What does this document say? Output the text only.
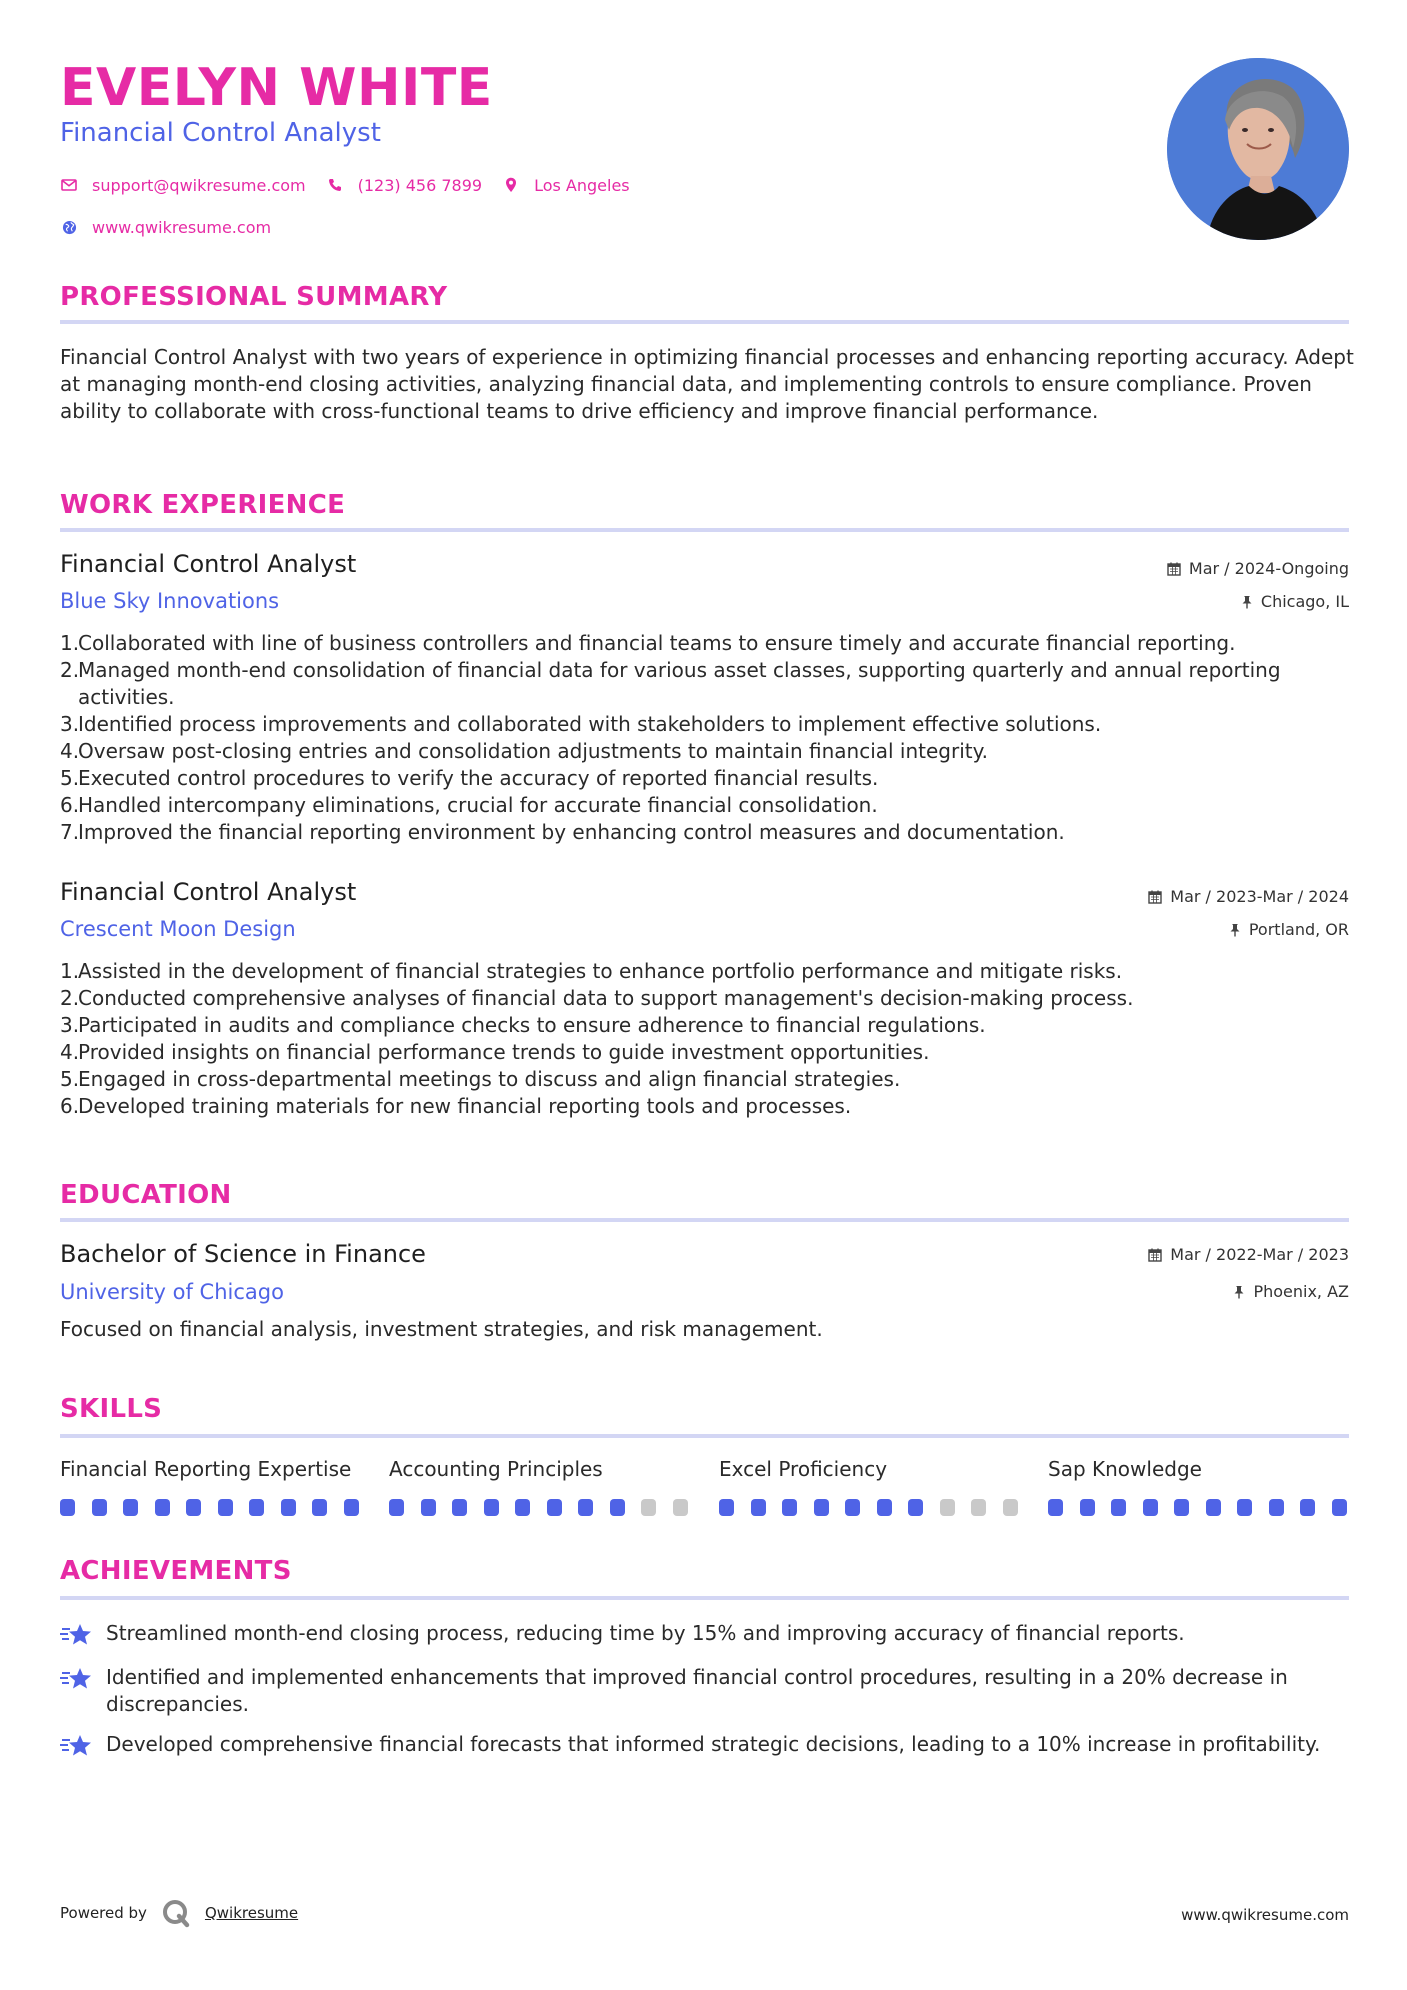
EVELYN WHITE
Financial Control Analyst
support@qwikresume.com	(123) 456 7899	Los Angeles
www.qwikresume.com
PROFESSIONAL SUMMARY
Financial Control Analyst with two years of experience in optimizing financial processes and enhancing reporting accuracy. Adept at managing month-end closing activities, analyzing financial data, and implementing controls to ensure compliance. Proven ability to collaborate with cross-functional teams to drive efficiency and improve financial performance.
WORK EXPERIENCE
Financial Control Analyst
Blue Sky Innovations
Mar / 2024-Ongoing
Chicago, IL
1.
Collaborated with line of business controllers and financial teams to ensure timely and accurate financial reporting.
2.
Managed month-end consolidation of financial data for various asset classes, supporting quarterly and annual reporting activities.
3.
Identified process improvements and collaborated with stakeholders to implement effective solutions.
4.
Oversaw post-closing entries and consolidation adjustments to maintain financial integrity.
5.
Executed control procedures to verify the accuracy of reported financial results.
6.
Handled intercompany eliminations, crucial for accurate financial consolidation.
7.
Improved the financial reporting environment by enhancing control measures and documentation.
Financial Control Analyst
Crescent Moon Design
Mar / 2023-Mar / 2024
Portland, OR
1.
Assisted in the development of financial strategies to enhance portfolio performance and mitigate risks.
2.
Conducted comprehensive analyses of financial data to support management's decision-making process.
3.
Participated in audits and compliance checks to ensure adherence to financial regulations.
4.
Provided insights on financial performance trends to guide investment opportunities.
5.
Engaged in cross-departmental meetings to discuss and align financial strategies.
6.
Developed training materials for new financial reporting tools and processes.
EDUCATION
Bachelor of Science in Finance
University of Chicago
Mar / 2022-Mar / 2023
Phoenix, AZ
Focused on financial analysis, investment strategies, and risk management.
SKILLS
Financial Reporting Expertise	Accounting Principles	Excel Proficiency	Sap Knowledge
ACHIEVEMENTS
Streamlined month-end closing process, reducing time by 15% and improving accuracy of financial reports.
Identified and implemented enhancements that improved financial control procedures, resulting in a 20% decrease in discrepancies.
Developed comprehensive financial forecasts that informed strategic decisions, leading to a 10% increase in profitability.
Powered by	Qwikresume	www.qwikresume.com
